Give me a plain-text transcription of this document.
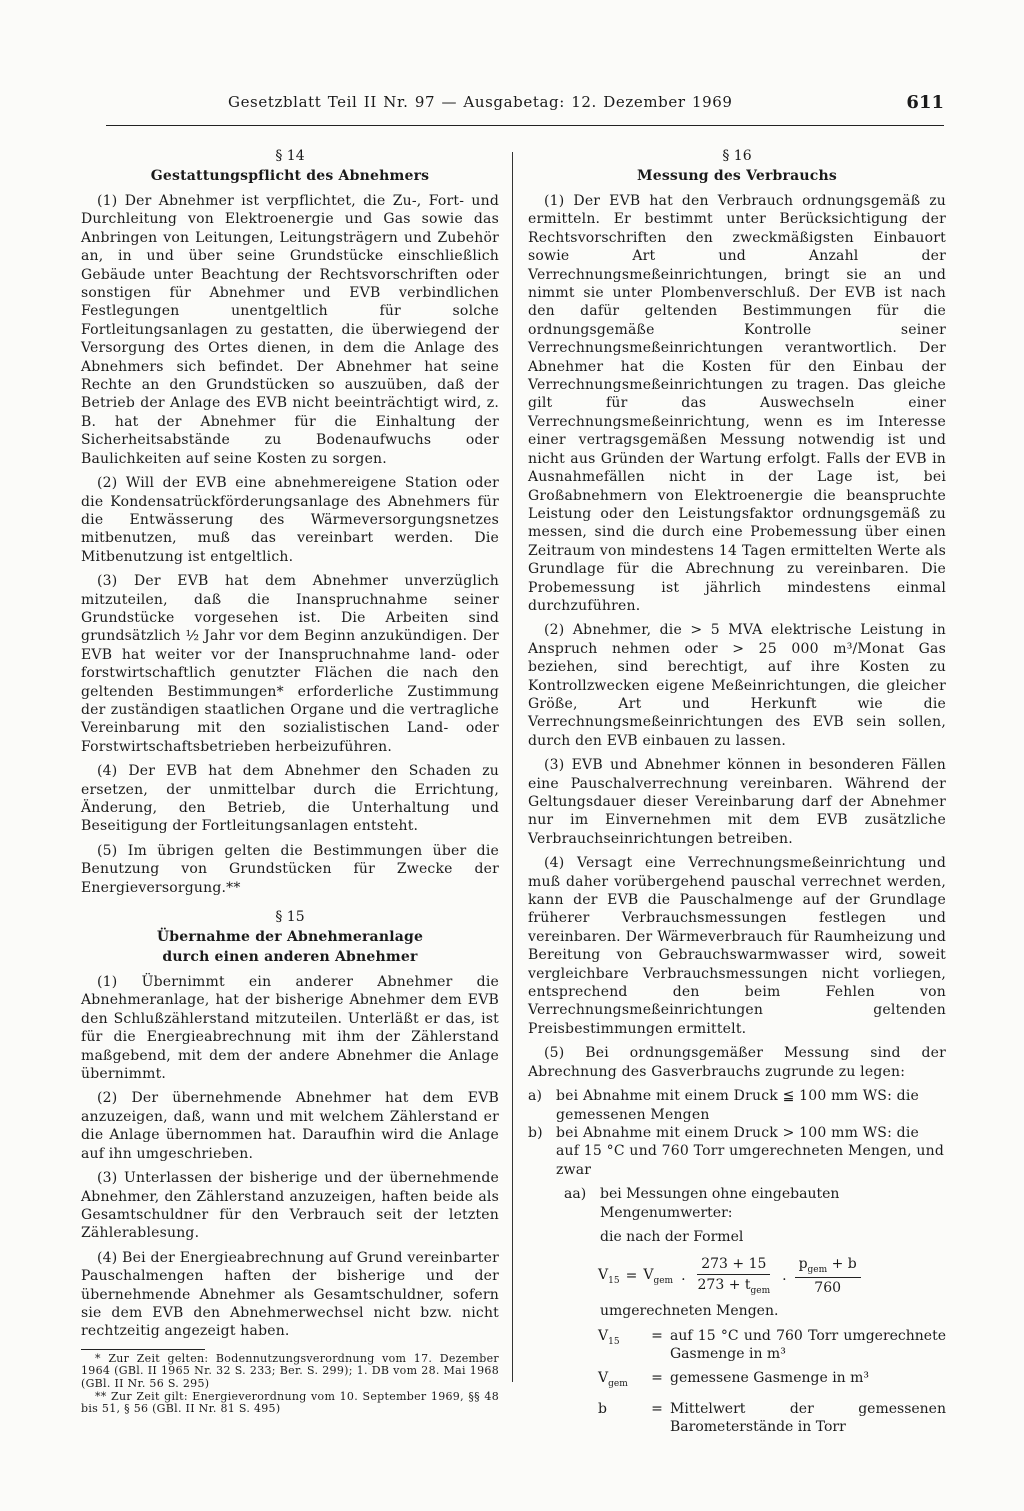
Gesetzblatt Teil II Nr. 97 — Ausgabetag: 12. Dezember 1969	611
§ 14
Gestattungspflicht des Abnehmers

(1) Der Abnehmer ist verpflichtet, die Zu-, Fort- und Durchleitung von Elektroenergie und Gas sowie das Anbringen von Leitungen, Leitungsträgern und Zubehör an, in und über seine Grundstücke einschließlich Gebäude unter Beachtung der Rechtsvorschriften oder sonstigen für Abnehmer und EVB verbindlichen Festlegungen unentgeltlich für solche Fortleitungsanlagen zu gestatten, die überwiegend der Versorgung des Ortes dienen, in dem die Anlage des Abnehmers sich befindet. Der Abnehmer hat seine Rechte an den Grundstücken so auszuüben, daß der Betrieb der Anlage des EVB nicht beeinträchtigt wird, z. B. hat der Abnehmer für die Einhaltung der Sicherheitsabstände zu Bodenaufwuchs oder Baulichkeiten auf seine Kosten zu sorgen.

(2) Will der EVB eine abnehmereigene Station oder die Kondensatrückförderungsanlage des Abnehmers für die Entwässerung des Wärmeversorgungsnetzes mitbenutzen, muß das vereinbart werden. Die Mitbenutzung ist entgeltlich.

(3) Der EVB hat dem Abnehmer unverzüglich mitzuteilen, daß die Inanspruchnahme seiner Grundstücke vorgesehen ist. Die Arbeiten sind grundsätzlich ½ Jahr vor dem Beginn anzukündigen. Der EVB hat weiter vor der Inanspruchnahme land- oder forstwirtschaftlich genutzter Flächen die nach den geltenden Bestimmungen* erforderliche Zustimmung der zuständigen staatlichen Organe und die vertragliche Vereinbarung mit den sozialistischen Land- oder Forstwirtschaftsbetrieben herbeizuführen.

(4) Der EVB hat dem Abnehmer den Schaden zu ersetzen, der unmittelbar durch die Errichtung, Änderung, den Betrieb, die Unterhaltung und Beseitigung der Fortleitungsanlagen entsteht.

(5) Im übrigen gelten die Bestimmungen über die Benutzung von Grundstücken für Zwecke der Energieversorgung.**

§ 15
Übernahme der Abnehmeranlage
durch einen anderen Abnehmer

(1) Übernimmt ein anderer Abnehmer die Abnehmeranlage, hat der bisherige Abnehmer dem EVB den Schlußzählerstand mitzuteilen. Unterläßt er das, ist für die Energieabrechnung mit ihm der Zählerstand maßgebend, mit dem der andere Abnehmer die Anlage übernimmt.

(2) Der übernehmende Abnehmer hat dem EVB anzuzeigen, daß, wann und mit welchem Zählerstand er die Anlage übernommen hat. Daraufhin wird die Anlage auf ihn umgeschrieben.

(3) Unterlassen der bisherige und der übernehmende Abnehmer, den Zählerstand anzuzeigen, haften beide als Gesamtschuldner für den Verbrauch seit der letzten Zählerablesung.

(4) Bei der Energieabrechnung auf Grund vereinbarter Pauschalmengen haften der bisherige und der übernehmende Abnehmer als Gesamtschuldner, sofern sie dem EVB den Abnehmerwechsel nicht bzw. nicht rechtzeitig angezeigt haben.

* Zur Zeit gelten: Bodennutzungsverordnung vom 17. Dezember 1964 (GBl. II 1965 Nr. 32 S. 233; Ber. S. 299); 1. DB vom 28. Mai 1968 (GBl. II Nr. 56 S. 295)

** Zur Zeit gilt: Energieverordnung vom 10. September 1969, §§ 48 bis 51, § 56 (GBl. II Nr. 81 S. 495)

§ 16
Messung des Verbrauchs

(1) Der EVB hat den Verbrauch ordnungsgemäß zu ermitteln. Er bestimmt unter Berücksichtigung der Rechtsvorschriften den zweckmäßigsten Einbauort sowie Art und Anzahl der Verrechnungsmeßeinrichtungen, bringt sie an und nimmt sie unter Plombenverschluß. Der EVB ist nach den dafür geltenden Bestimmungen für die ordnungsgemäße Kontrolle seiner Verrechnungsmeßeinrichtungen verantwortlich. Der Abnehmer hat die Kosten für den Einbau der Verrechnungsmeßeinrichtungen zu tragen. Das gleiche gilt für das Auswechseln einer Verrechnungsmeßeinrichtung, wenn es im Interesse einer vertragsgemäßen Messung notwendig ist und nicht aus Gründen der Wartung erfolgt. Falls der EVB in Ausnahmefällen nicht in der Lage ist, bei Großabnehmern von Elektroenergie die beanspruchte Leistung oder den Leistungsfaktor ordnungsgemäß zu messen, sind die durch eine Probemessung über einen Zeitraum von mindestens 14 Tagen ermittelten Werte als Grundlage für die Abrechnung zu vereinbaren. Die Probemessung ist jährlich mindestens einmal durchzuführen.

(2) Abnehmer, die > 5 MVA elektrische Leistung in Anspruch nehmen oder > 25 000 m³/Monat Gas beziehen, sind berechtigt, auf ihre Kosten zu Kontrollzwecken eigene Meßeinrichtungen, die gleicher Größe, Art und Herkunft wie die Verrechnungsmeßeinrichtungen des EVB sein sollen, durch den EVB einbauen zu lassen.

(3) EVB und Abnehmer können in besonderen Fällen eine Pauschalverrechnung vereinbaren. Während der Geltungsdauer dieser Vereinbarung darf der Abnehmer nur im Einvernehmen mit dem EVB zusätzliche Verbrauchseinrichtungen betreiben.

(4) Versagt eine Verrechnungsmeßeinrichtung und muß daher vorübergehend pauschal verrechnet werden, kann der EVB die Pauschalmenge auf der Grundlage früherer Verbrauchsmessungen festlegen und vereinbaren. Der Wärmeverbrauch für Raumheizung und Bereitung von Gebrauchswarmwasser wird, soweit vergleichbare Verbrauchsmessungen nicht vorliegen, entsprechend den beim Fehlen von Verrechnungsmeßeinrichtungen geltenden Preisbestimmungen ermittelt.

(5) Bei ordnungsgemäßer Messung sind der Abrechnung des Gasverbrauchs zugrunde zu legen:

a) bei Abnahme mit einem Druck ≦ 100 mm WS: die gemessenen Mengen
b) bei Abnahme mit einem Druck > 100 mm WS: die auf 15 °C und 760 Torr umgerechneten Mengen, und zwar
aa) bei Messungen ohne eingebauten Mengenumwerter:
die nach der Formel
$V_{15} = V_{gem}$ . $\frac{273 + 15}{273 + t_{gem}}$ . $\frac{p_{gem} + b}{760}$
umgerechneten Mengen.
$V_{15}$	= auf 15 °C und 760 Torr umgerechnete Gasmenge in m³
$V_{gem}$	= gemessene Gasmenge in m³
b	= Mittelwert der gemessenen Barometerstände in Torr
